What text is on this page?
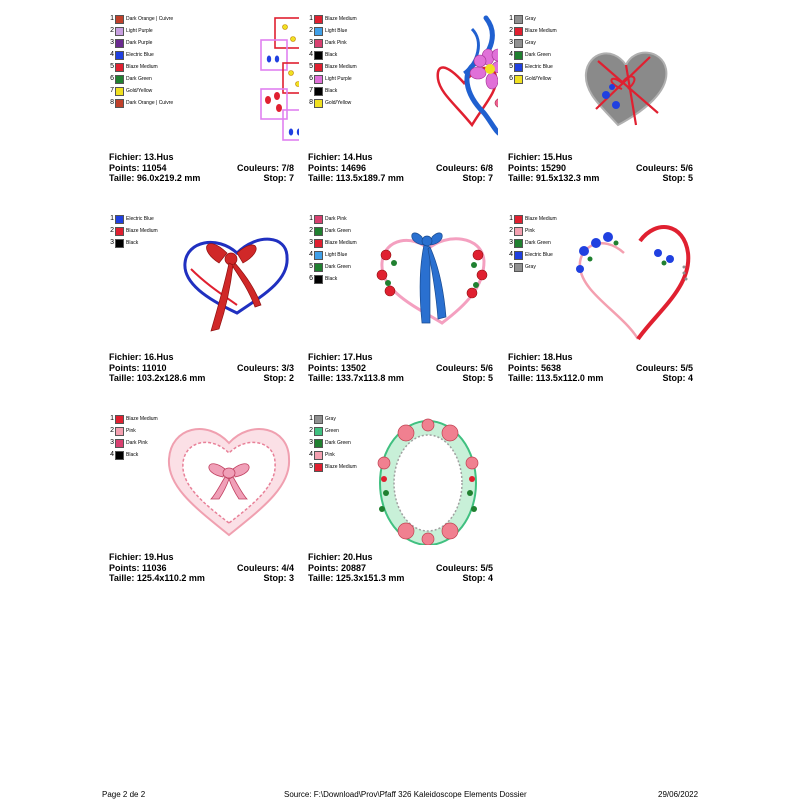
1 Dark Orange | Cuivre
2 Light Purple
3 Dark Purple
4 Electric Blue
5 Blaze Medium
6 Dark Green
7 Gold/Yellow
8 Dark Orange | Cuivre
Fichier: 13.Hus
Points: 11054	Couleurs: 7/8
Taille: 96.0x219.2 mm	Stop: 7
1 Blaze Medium
2 Light Blue
3 Dark Pink
4 Black
5 Blaze Medium
6 Light Purple
7 Black
8 Gold/Yellow
Fichier: 14.Hus
Points: 14696	Couleurs: 6/8
Taille: 113.5x189.7 mm	Stop: 7
1 Gray
2 Blaze Medium
3 Gray
4 Dark Green
5 Electric Blue
6 Gold/Yellow
Fichier: 15.Hus
Points: 15290	Couleurs: 5/6
Taille: 91.5x132.3 mm	Stop: 5
1 Electric Blue
2 Blaze Medium
3 Black
Fichier: 16.Hus
Points: 11010	Couleurs: 3/3
Taille: 103.2x128.6 mm	Stop: 2
1 Dark Pink
2 Dark Green
3 Blaze Medium
4 Light Blue
5 Dark Green
6 Black
Fichier: 17.Hus
Points: 13502	Couleurs: 5/6
Taille: 133.7x113.8 mm	Stop: 5
1 Blaze Medium
2 Pink
3 Dark Green
4 Electric Blue
5 Gray
Fichier: 18.Hus
Points: 5638	Couleurs: 5/5
Taille: 113.5x112.0 mm	Stop: 4
1 Blaze Medium
2 Pink
3 Dark Pink
4 Black
Fichier: 19.Hus
Points: 11036	Couleurs: 4/4
Taille: 125.4x110.2 mm	Stop: 3
1 Gray
2 Green
3 Dark Green
4 Pink
5 Blaze Medium
Fichier: 20.Hus
Points: 20887	Couleurs: 5/5
Taille: 125.3x151.3 mm	Stop: 4
Page 2 de 2	Source: F:\Download\Prov\Pfaff 326 Kaleidoscope Elements Dossier	29/06/2022
